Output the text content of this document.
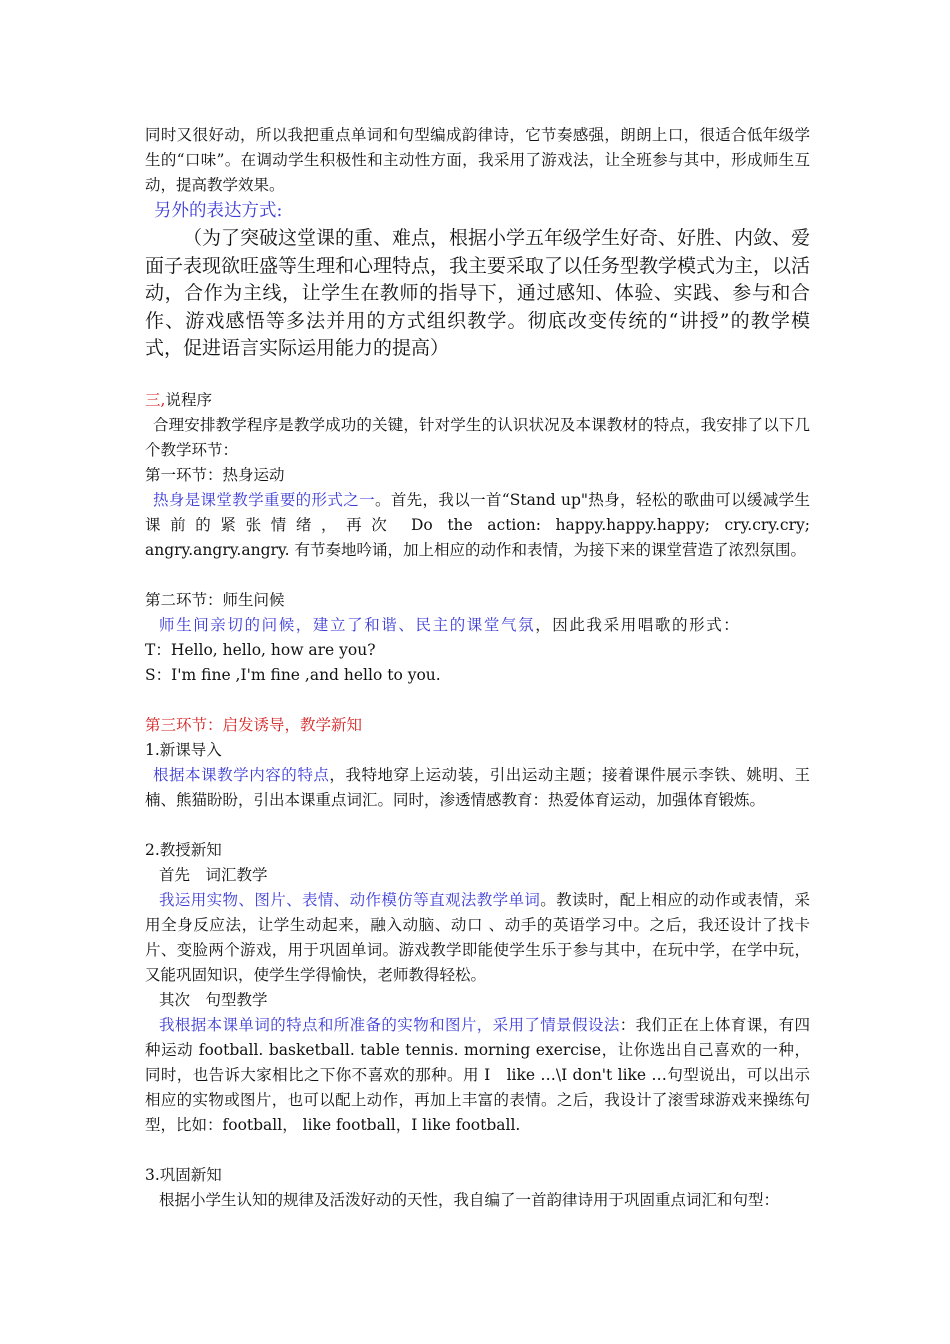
同时又很好动，所以我把重点单词和句型编成韵律诗，它节奏感强，朗朗上口，很适合低年级学生的“口味”。在调动学生积极性和主动性方面，我采用了游戏法，让全班参与其中，形成师生互动，提高教学效果。

另外的表达方式:

（为了突破这堂课的重、难点，根据小学五年级学生好奇、好胜、内敛、爱面子表现欲旺盛等生理和心理特点，我主要采取了以任务型教学模式为主，以活动，合作为主线，让学生在教师的指导下，通过感知、体验、实践、参与和合作、游戏感悟等多法并用的方式组织教学。彻底改变传统的“讲授”的教学模式，促进语言实际运用能力的提高）

三,说程序

合理安排教学程序是教学成功的关键，针对学生的认识状况及本课教材的特点，我安排了以下几个教学环节：

第一环节：热身运动

热身是课堂教学重要的形式之一。首先，我以一首“Stand up"热身，轻松的歌曲可以缓减学生课前的紧张情绪，再次 Do the action: happy.happy.happy; cry.cry.cry; angry.angry.angry. 有节奏地吟诵，加上相应的动作和表情，为接下来的课堂营造了浓烈氛围。

第二环节：师生问候

师生间亲切的问候，建立了和谐、民主的课堂气氛，因此我采用唱歌的形式：

T：Hello, hello, how are you?

S：I'm fine ,I'm fine ,and hello to you.

第三环节：启发诱导，教学新知

1.新课导入

根据本课教学内容的特点，我特地穿上运动装，引出运动主题；接着课件展示李铁、姚明、王楠、熊猫盼盼，引出本课重点词汇。同时，渗透情感教育：热爱体育运动，加强体育锻炼。

2.教授新知

首先　词汇教学

我运用实物、图片、表情、动作模仿等直观法教学单词。教读时，配上相应的动作或表情，采用全身反应法，让学生动起来，融入动脑、动口 、动手的英语学习中。之后，我还设计了找卡片、变脸两个游戏，用于巩固单词。游戏教学即能使学生乐于参与其中，在玩中学，在学中玩，又能巩固知识，使学生学得愉快，老师教得轻松。

其次　句型教学

我根据本课单词的特点和所准备的实物和图片，采用了情景假设法：我们正在上体育课，有四种运动 football. basketball. table tennis. morning exercise，让你选出自己喜欢的一种，同时，也告诉大家相比之下你不喜欢的那种。用 I　like …\I don't like …句型说出，可以出示相应的实物或图片，也可以配上动作，再加上丰富的表情。之后，我设计了滚雪球游戏来操练句型，比如：football， like football，I like football.

3.巩固新知

根据小学生认知的规律及活泼好动的天性，我自编了一首韵律诗用于巩固重点词汇和句型：
